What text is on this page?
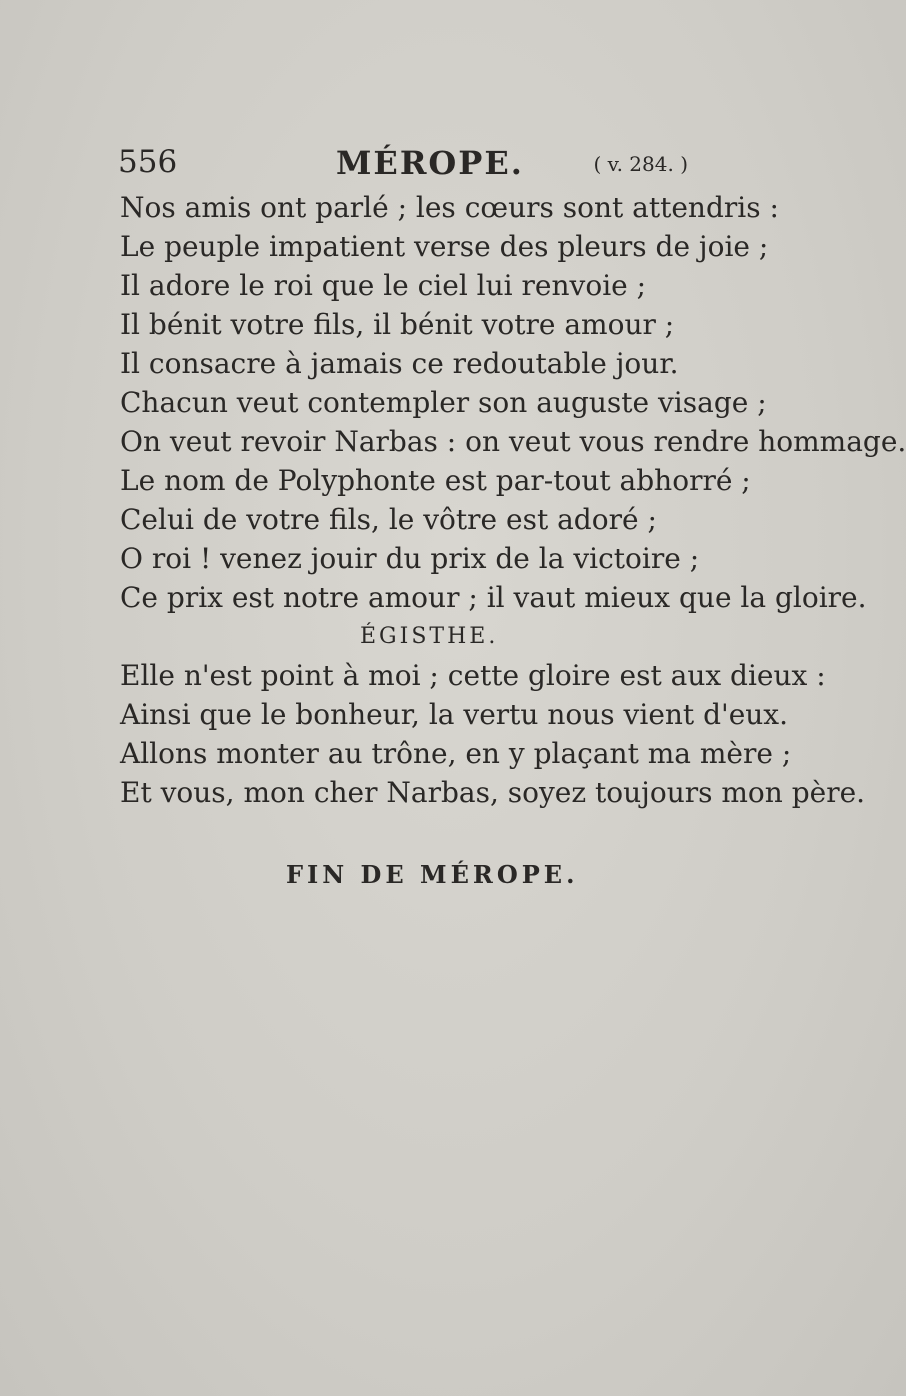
556	MÉROPE.	( v. 284. )
Nos amis ont parlé ; les cœurs sont attendris :
Le peuple impatient verse des pleurs de joie ;
Il adore le roi que le ciel lui renvoie ;
Il bénit votre fils, il bénit votre amour ;
Il consacre à jamais ce redoutable jour.
Chacun veut contempler son auguste visage ;
On veut revoir Narbas : on veut vous rendre hommage.
Le nom de Polyphonte est par-tout abhorré ;
Celui de votre fils, le vôtre est adoré ;
O roi ! venez jouir du prix de la victoire ;
Ce prix est notre amour ; il vaut mieux que la gloire.
ÉGISTHE.
Elle n'est point à moi ; cette gloire est aux dieux :
Ainsi que le bonheur, la vertu nous vient d'eux.
Allons monter au trône, en y plaçant ma mère ;
Et vous, mon cher Narbas, soyez toujours mon père.
FIN DE MÉROPE.
